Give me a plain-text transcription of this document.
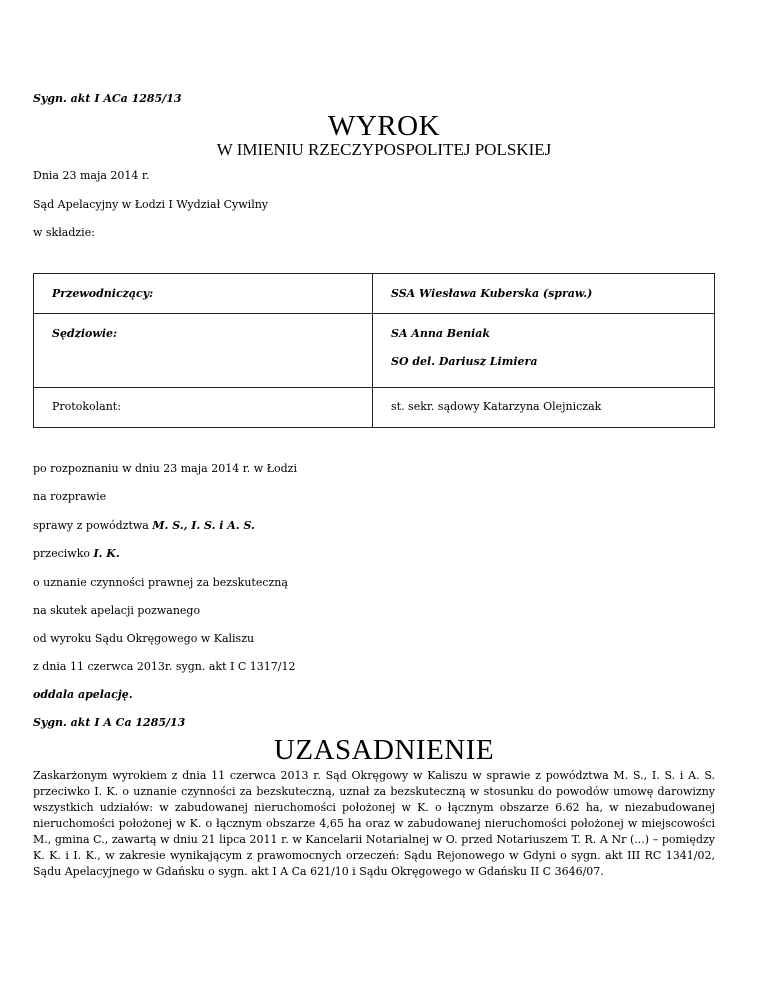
Sygn. akt I ACa 1285/13
WYROK
W IMIENIU RZECZYPOSPOLITEJ POLSKIEJ
Dnia 23 maja 2014 r.
Sąd Apelacyjny w Łodzi I Wydział Cywilny
w składzie:
Przewodniczący:	SSA Wiesława Kuberska (spraw.)

Sędziowie:	SA Anna Beniak
SO del. Dariusz Limiera

Protokolant:	st. sekr. sądowy Katarzyna Olejniczak
po rozpoznaniu w dniu 23 maja 2014 r. w Łodzi
na rozprawie
sprawy z powództwa M. S., I. S. i A. S.
przeciwko I. K.
o uznanie czynności prawnej za bezskuteczną
na skutek apelacji pozwanego
od wyroku Sądu Okręgowego w Kaliszu
z dnia 11 czerwca 2013r. sygn. akt I C 1317/12
oddala apelację.
Sygn. akt I A Ca 1285/13
UZASADNIENIE
Zaskarżonym wyrokiem z dnia 11 czerwca 2013 r. Sąd Okręgowy w Kaliszu w sprawie z powództwa M. S., I. S. i A. S. przeciwko I. K. o uznanie czynności za bezskuteczną, uznał za bezskuteczną w stosunku do powodów umowę darowizny wszystkich udziałów: w zabudowanej nieruchomości położonej w K. o łącznym obszarze 6.62 ha, w niezabudowanej nieruchomości położonej w K. o łącznym obszarze 4,65 ha oraz w zabudowanej nieruchomości położonej w miejscowości M., gmina C., zawartą w dniu 21 lipca 2011 r. w Kancelarii Notarialnej w O. przed Notariuszem T. R. A Nr (...) – pomiędzy K. K. i I. K., w zakresie wynikającym z prawomocnych orzeczeń: Sądu Rejonowego w Gdyni o sygn. akt III RC 1341/02, Sądu Apelacyjnego w Gdańsku o sygn. akt I A Ca 621/10 i Sądu Okręgowego w Gdańsku II C 3646/07.
